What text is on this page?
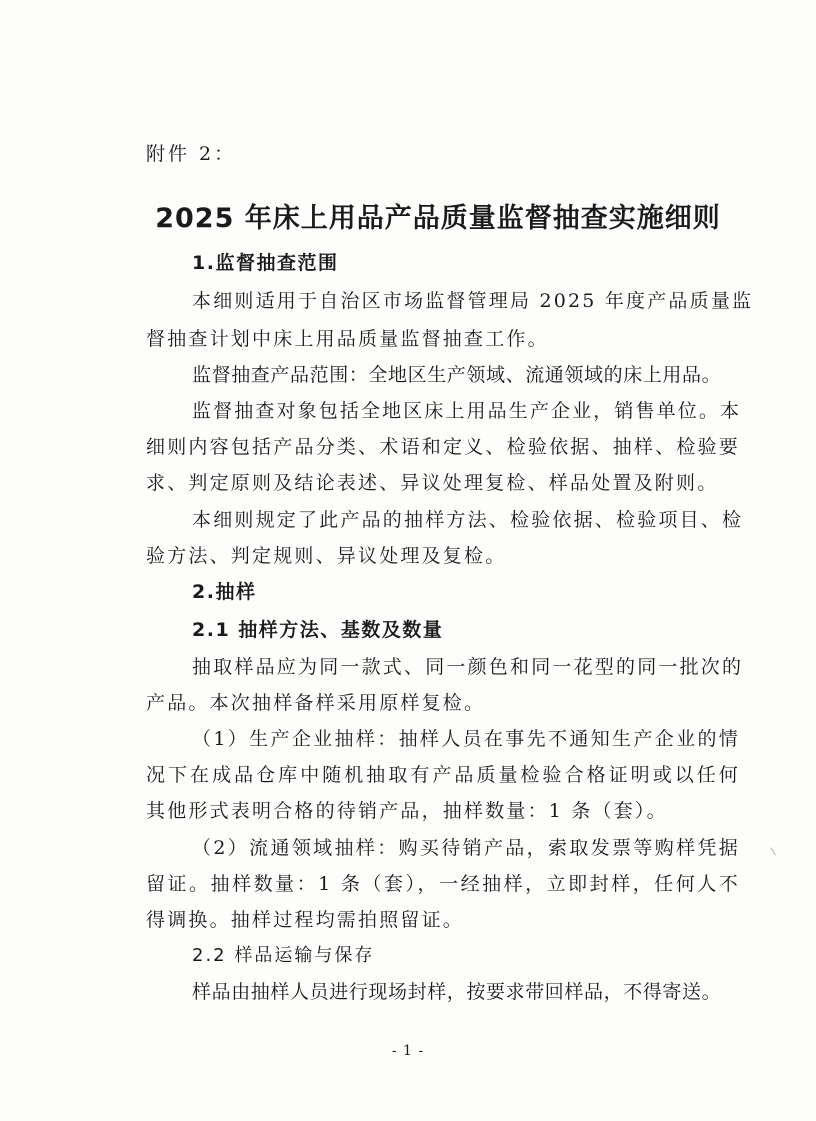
附件 2：
2025 年床上用品产品质量监督抽查实施细则
1.监督抽查范围
本细则适用于自治区市场监督管理局 2025 年度产品质量监
督抽查计划中床上用品质量监督抽查工作。
监督抽查产品范围：全地区生产领域、流通领域的床上用品。
监督抽查对象包括全地区床上用品生产企业，销售单位。本
细则内容包括产品分类、术语和定义、检验依据、抽样、检验要
求、判定原则及结论表述、异议处理复检、样品处置及附则。
本细则规定了此产品的抽样方法、检验依据、检验项目、检
验方法、判定规则、异议处理及复检。
2.抽样
2.1 抽样方法、基数及数量
抽取样品应为同一款式、同一颜色和同一花型的同一批次的
产品。本次抽样备样采用原样复检。
（1）生产企业抽样：抽样人员在事先不通知生产企业的情
况下在成品仓库中随机抽取有产品质量检验合格证明或以任何
其他形式表明合格的待销产品，抽样数量：1 条（套）。
（2）流通领域抽样：购买待销产品，索取发票等购样凭据
留证。抽样数量：1 条（套），一经抽样，立即封样，任何人不
得调换。抽样过程均需拍照留证。
2.2 样品运输与保存
样品由抽样人员进行现场封样，按要求带回样品，不得寄送。
- 1 -
